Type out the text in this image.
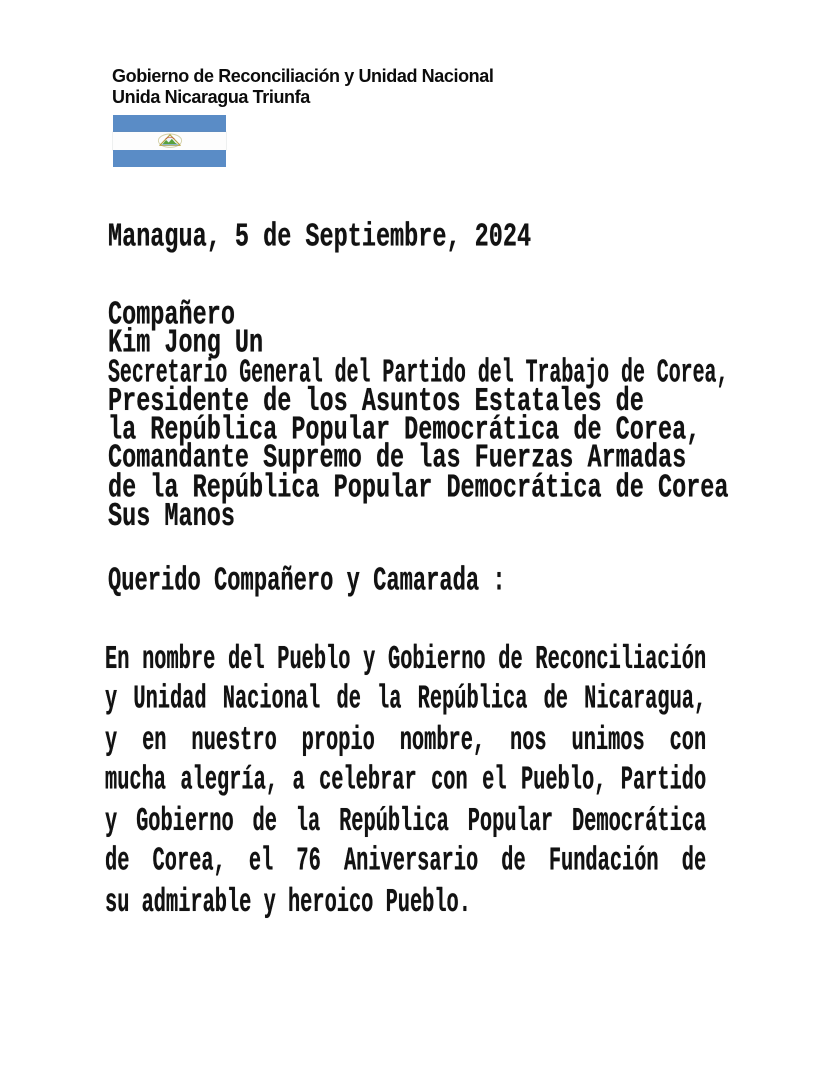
Gobierno de Reconciliación y Unidad Nacional
Unida Nicaragua Triunfa
Managua, 5 de Septiembre, 2024
Compañero
Kim Jong Un
Secretario General del Partido del Trabajo de Corea,
Presidente de los Asuntos Estatales de
la República Popular Democrática de Corea,
Comandante Supremo de las Fuerzas Armadas
de la República Popular Democrática de Corea
Sus Manos
Querido Compañero y Camarada :
En nombre del Pueblo y Gobierno de Reconciliación
y Unidad Nacional de la República de Nicaragua,
y en nuestro propio nombre, nos unimos con
mucha alegría, a celebrar con el Pueblo, Partido
y Gobierno de la República Popular Democrática
de Corea, el 76 Aniversario de Fundación de
su admirable y heroico Pueblo.
